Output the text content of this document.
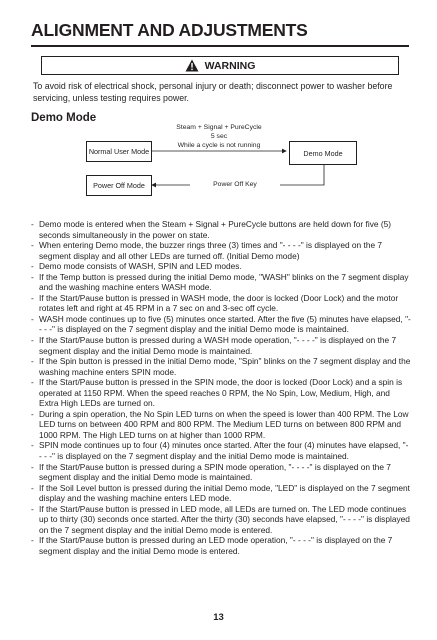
ALIGNMENT AND ADJUSTMENTS
WARNING
To avoid risk of electrical shock, personal injury or death; disconnect power to washer before servicing, unless testing requires power.
Demo Mode
Normal User Mode	Demo Mode
Power Off Mode
Steam + Signal + PureCycle
5 sec
While a cycle is not running
Power Off Key
- Demo mode is entered when the Steam + Signal + PureCycle buttons are held down for five (5) seconds simultaneously in the power on state.
- When entering Demo mode, the buzzer rings three (3) times and "- - - -" is displayed on the 7 segment display and all other LEDs are turned off. (Initial Demo mode)
- Demo mode consists of WASH, SPIN and LED modes.
- If the Temp button is pressed during the initial Demo mode, "WASH" blinks on the 7 segment display and the washing machine enters WASH mode.
- If the Start/Pause button is pressed in WASH mode, the door is locked (Door Lock) and the motor rotates left and right at 45 RPM in a 7 sec on and 3-sec off cycle.
- WASH mode continues up to five (5) minutes once started. After the five (5) minutes have elapsed, "- - - -" is displayed on the 7 segment display and the initial Demo mode is maintained.
- If the Start/Pause button is pressed during a WASH mode operation, "- - - -" is displayed on the 7 segment display and the initial Demo mode is maintained.
- If the Spin button is pressed in the initial Demo mode, "Spin" blinks on the 7 segment display and the washing machine enters SPIN mode.
- If the Start/Pause button is pressed in the SPIN mode, the door is locked (Door Lock) and a spin is operated at 1150 RPM. When the speed reaches 0 RPM, the No Spin, Low, Medium, High, and Extra High LEDs are turned on.
- During a spin operation, the No Spin LED turns on when the speed is lower than 400 RPM. The Low LED turns on between 400 RPM and 800 RPM. The Medium LED turns on between 800 RPM and 1000 RPM. The High LED turns on at higher than 1000 RPM.
- SPIN mode continues up to four (4) minutes once started. After the four (4) minutes have elapsed, "- - - -" is displayed on the 7 segment display and the initial Demo mode is maintained.
- If the Start/Pause button is pressed during a SPIN mode operation, "- - - -" is displayed on the 7 segment display and the initial Demo mode is maintained.
- If the Soil Level button is pressed during the initial Demo mode, "LED" is displayed on the 7 segment display and the washing machine enters LED mode.
- If the Start/Pause button is pressed in LED mode, all LEDs are turned on. The LED mode continues up to thirty (30) seconds once started. After the thirty (30) seconds have elapsed, "- - - -" is displayed on the 7 segment display and the initial Demo mode is entered.
- If the Start/Pause button is pressed during an LED mode operation, "- - - -" is displayed on the 7 segment display and the initial Demo mode is entered.
13
